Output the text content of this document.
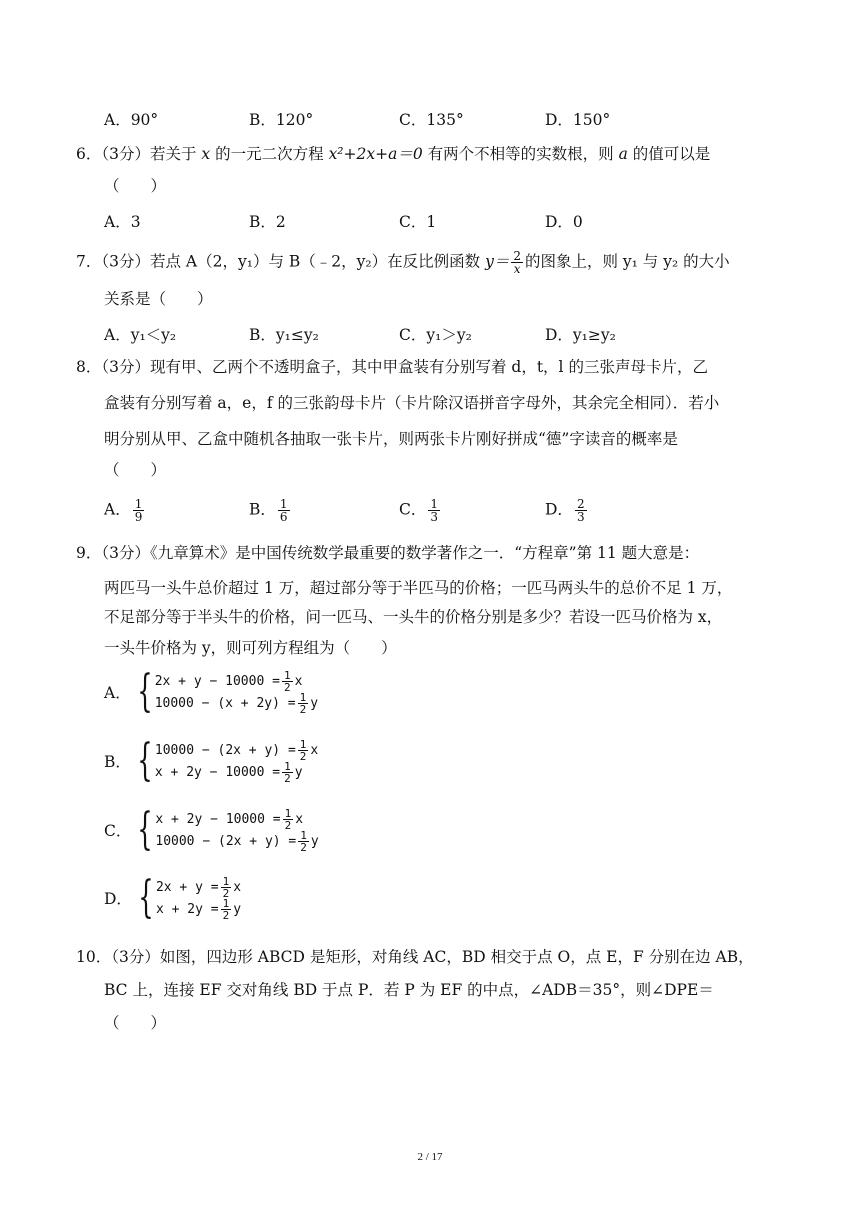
A．90°	B．120°	C．135°	D．150°
6．（3分）若关于 x 的一元二次方程 x²+2x+a＝0 有两个不相等的实数根，则 a 的值可以是
（　　）
A．3	B．2	C．1	D．0
7．（3分）若点 A（2，y₁）与 B（﹣2，y₂）在反比例函数 $y= \frac{2}{x}$ 的图象上，则 y₁ 与 y₂ 的大小
关系是（　　）
A．y₁＜y₂	B．y₁≤y₂	C．y₁＞y₂	D．y₁≥y₂
8．（3分）现有甲、乙两个不透明盒子，其中甲盒装有分别写着 d，t，l 的三张声母卡片，乙
盒装有分别写着 a，e，f 的三张韵母卡片（卡片除汉语拼音字母外，其余完全相同）．若小
明分别从甲、乙盒中随机各抽取一张卡片，则两张卡片刚好拼成“德”字读音的概率是
（　　）
A． $\frac{1}{9}$	B． $\frac{1}{6}$	C． $\frac{1}{3}$	D． $\frac{2}{3}$
9．（3分）《九章算术》是中国传统数学最重要的数学著作之一．“方程章”第 11 题大意是：
两匹马一头牛总价超过 1 万，超过部分等于半匹马的价格；一匹马两头牛的总价不足 1 万，
不足部分等于半头牛的价格，问一匹马、一头牛的价格分别是多少？若设一匹马价格为 x，
一头牛价格为 y，则可列方程组为（　　）
A． { $2x + y - 10000 = \frac{1}{2}$ x
$10000 - (x + 2y) = \frac{1}{2}$ y
B． { $10000 - (2x + y) = \frac{1}{2}$ x
$x + 2y - 10000 = \frac{1}{2}$ y
C． { $x + 2y - 10000 = \frac{1}{2}$ x
$10000 - (2x + y) = \frac{1}{2}$ y
D． { $2x + y = \frac{1}{2}$ x
$x + 2y = \frac{1}{2}$ y
10．（3分）如图，四边形 ABCD 是矩形，对角线 AC，BD 相交于点 O，点 E，F 分别在边 AB，
BC 上，连接 EF 交对角线 BD 于点 P．若 P 为 EF 的中点，∠ADB＝35°，则∠DPE＝
（　　）
2 / 17
